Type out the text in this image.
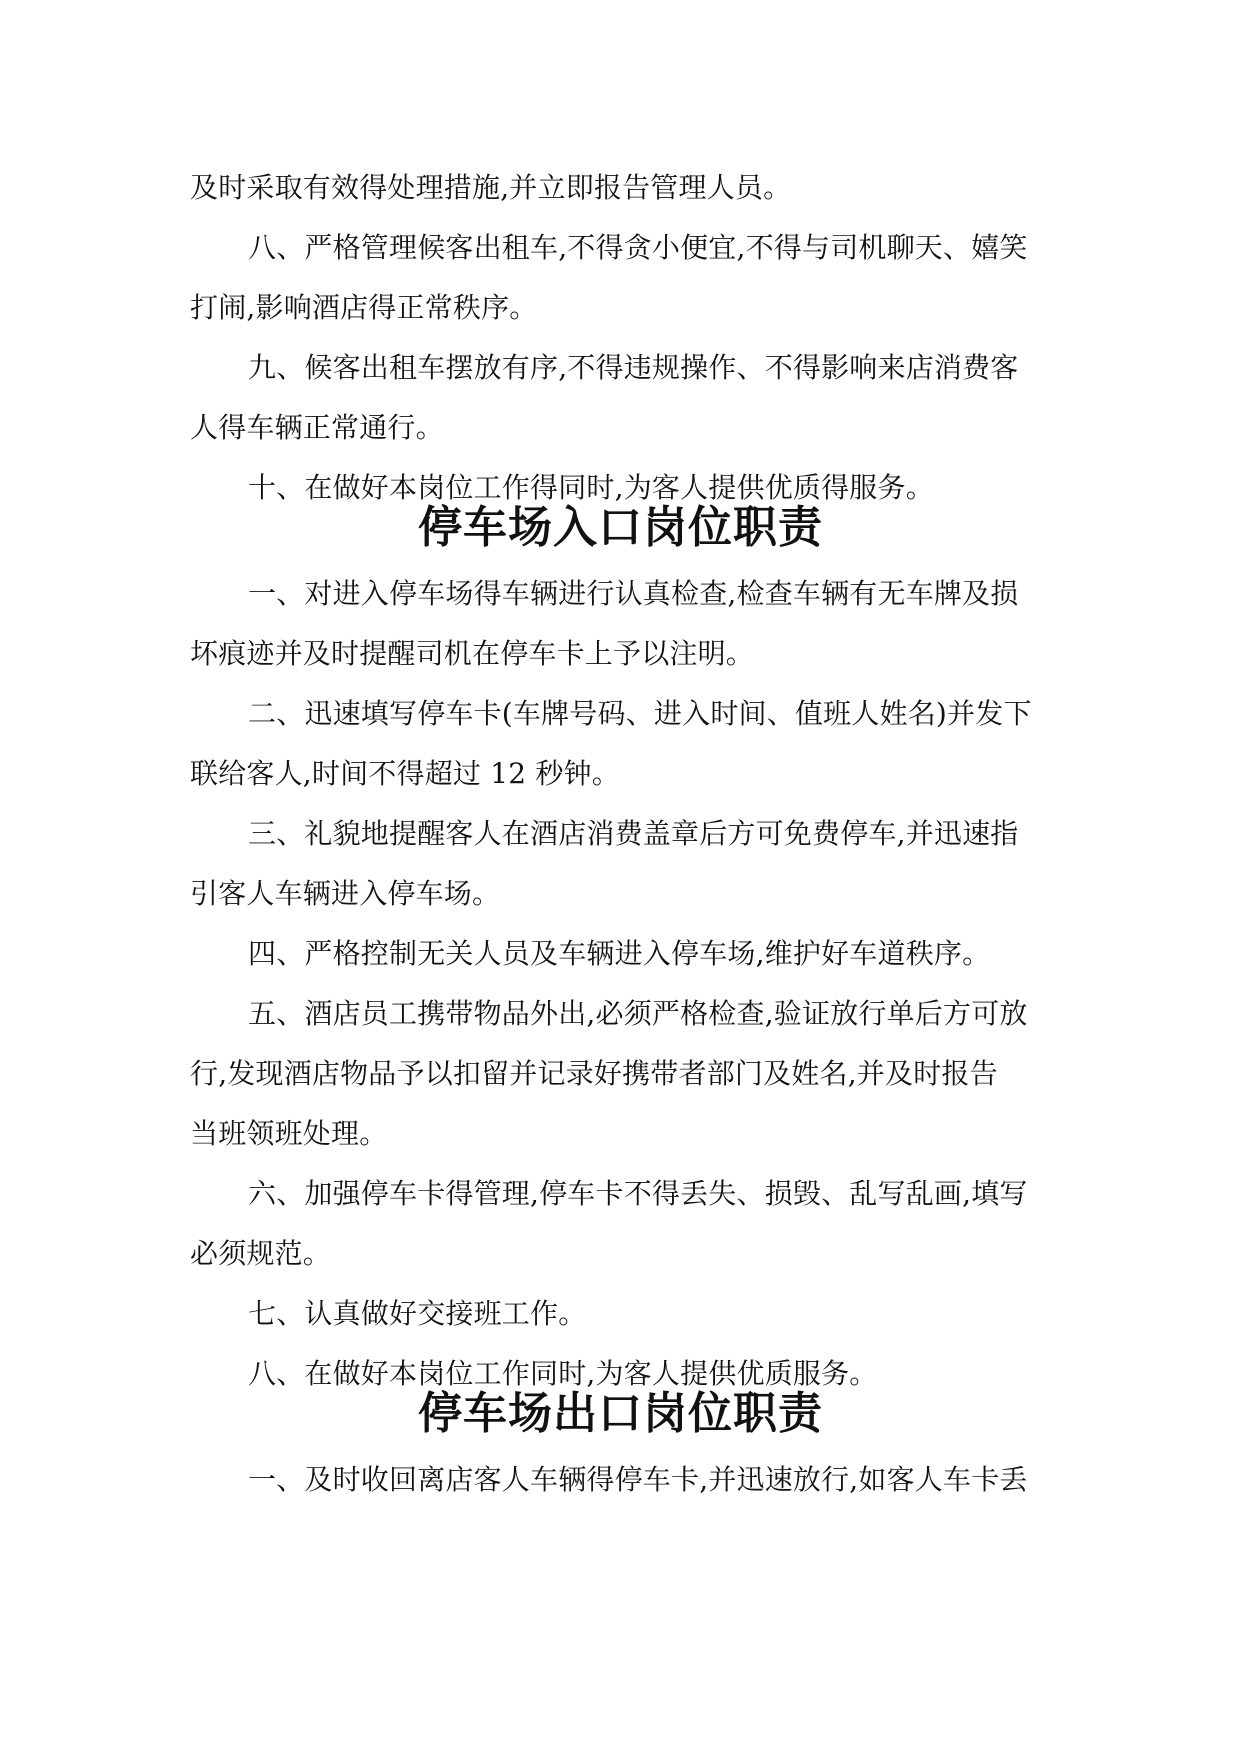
及时采取有效得处理措施,并立即报告管理人员。
八、严格管理候客出租车,不得贪小便宜,不得与司机聊天、嬉笑
打闹,影响酒店得正常秩序。
九、候客出租车摆放有序,不得违规操作、不得影响来店消费客
人得车辆正常通行。
十、在做好本岗位工作得同时,为客人提供优质得服务。
停车场入口岗位职责
一、对进入停车场得车辆进行认真检查,检查车辆有无车牌及损
坏痕迹并及时提醒司机在停车卡上予以注明。
二、迅速填写停车卡(车牌号码、进入时间、值班人姓名)并发下
联给客人,时间不得超过 12 秒钟。
三、礼貌地提醒客人在酒店消费盖章后方可免费停车,并迅速指
引客人车辆进入停车场。
四、严格控制无关人员及车辆进入停车场,维护好车道秩序。
五、酒店员工携带物品外出,必须严格检查,验证放行单后方可放
行,发现酒店物品予以扣留并记录好携带者部门及姓名,并及时报告
当班领班处理。
六、加强停车卡得管理,停车卡不得丢失、损毁、乱写乱画,填写
必须规范。
七、认真做好交接班工作。
八、在做好本岗位工作同时,为客人提供优质服务。
停车场出口岗位职责
一、及时收回离店客人车辆得停车卡,并迅速放行,如客人车卡丢
